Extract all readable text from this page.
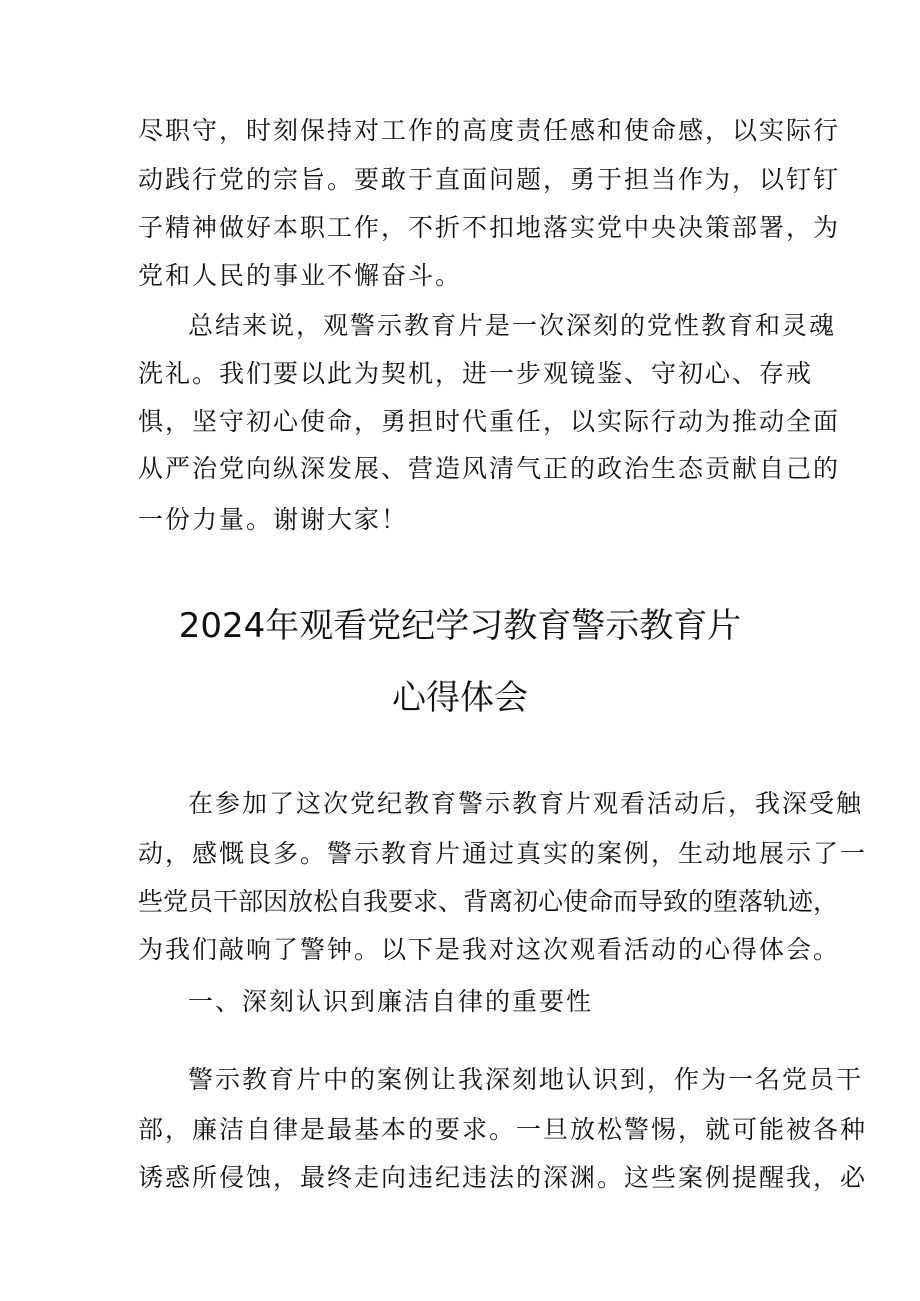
尽职守，时刻保持对工作的高度责任感和使命感，以实际行
动践行党的宗旨。要敢于直面问题，勇于担当作为，以钉钉
子精神做好本职工作，不折不扣地落实党中央决策部署，为
党和人民的事业不懈奋斗。
总结来说，观警示教育片是一次深刻的党性教育和灵魂
洗礼。我们要以此为契机，进一步观镜鉴、守初心、存戒
惧，坚守初心使命，勇担时代重任，以实际行动为推动全面
从严治党向纵深发展、营造风清气正的政治生态贡献自己的
一份力量。谢谢大家！
2024年观看党纪学习教育警示教育片
心得体会
在参加了这次党纪教育警示教育片观看活动后，我深受触
动，感慨良多。警示教育片通过真实的案例，生动地展示了一
些党员干部因放松自我要求、背离初心使命而导致的堕落轨迹，
为我们敲响了警钟。以下是我对这次观看活动的心得体会。
一、深刻认识到廉洁自律的重要性
警示教育片中的案例让我深刻地认识到，作为一名党员干
部，廉洁自律是最基本的要求。一旦放松警惕，就可能被各种
诱惑所侵蚀，最终走向违纪违法的深渊。这些案例提醒我，必
